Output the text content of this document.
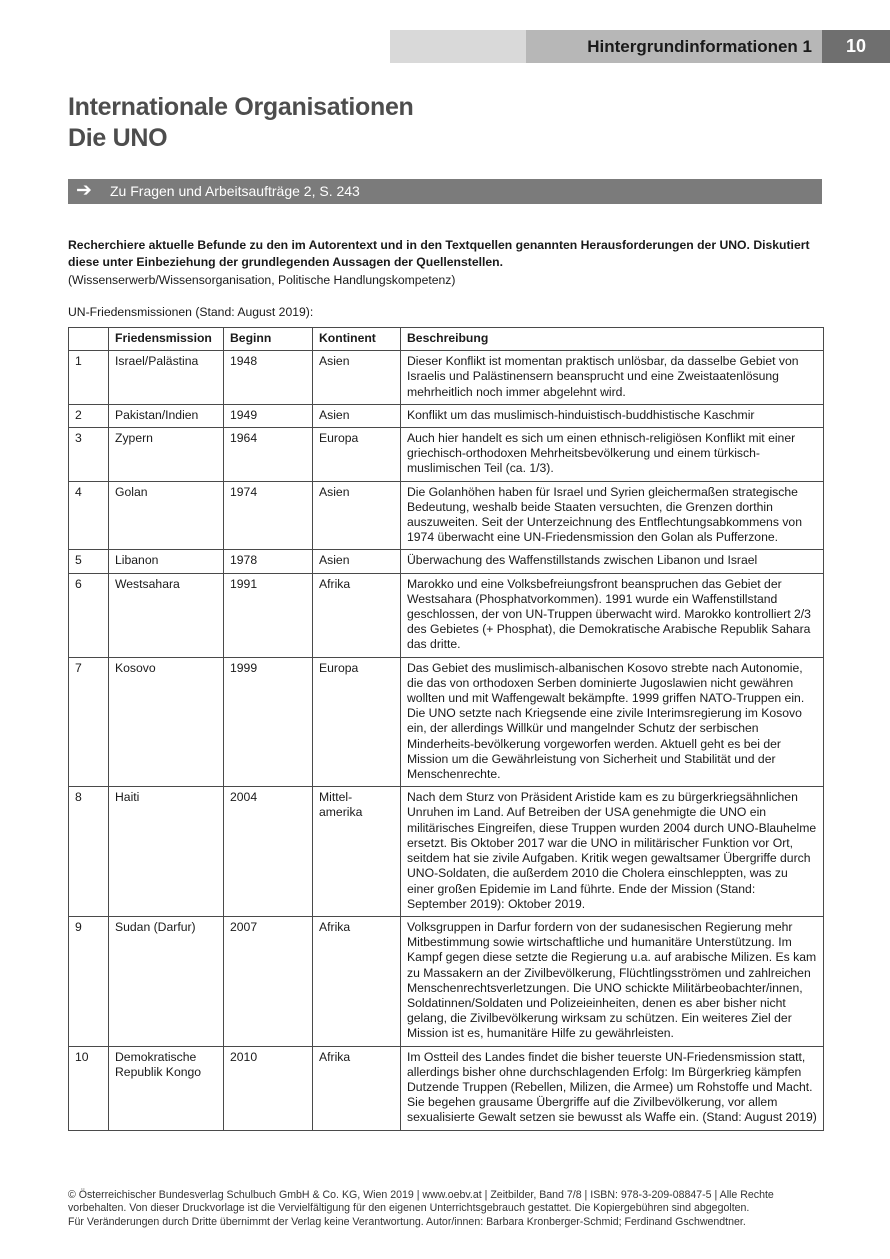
Hintergrundinformationen 1	10
Internationale Organisationen
Die UNO
➔ Zu Fragen und Arbeitsaufträge 2, S. 243

Recherchiere aktuelle Befunde zu den im Autorentext und in den Textquellen genannten Herausforderungen der UNO. Diskutiert diese unter Einbeziehung der grundlegenden Aussagen der Quellenstellen.

(Wissenserwerb/Wissensorganisation, Politische Handlungskompetenz)
UN-Friedensmissionen (Stand: August 2019):
	Friedensmission	Beginn	Kontinent	Beschreibung
1	Israel/Palästina	1948	Asien	Dieser Konflikt ist momentan praktisch unlösbar, da dasselbe Gebiet von Israelis und Palästinensern beansprucht und eine Zweistaatenlösung mehrheitlich noch immer abgelehnt wird.
2	Pakistan/Indien	1949	Asien	Konflikt um das muslimisch-hinduistisch-buddhistische Kaschmir
3	Zypern	1964	Europa	Auch hier handelt es sich um einen ethnisch-religiösen Konflikt mit einer griechisch-orthodoxen Mehrheitsbevölkerung und einem türkisch-muslimischen Teil (ca. 1/3).
4	Golan	1974	Asien	Die Golanhöhen haben für Israel und Syrien gleichermaßen strategische Bedeutung, weshalb beide Staaten versuchten, die Grenzen dorthin auszuweiten. Seit der Unterzeichnung des Entflechtungsabkommens von 1974 überwacht eine UN-Friedensmission den Golan als Pufferzone.
5	Libanon	1978	Asien	Überwachung des Waffenstillstands zwischen Libanon und Israel
6	Westsahara	1991	Afrika	Marokko und eine Volksbefreiungsfront beanspruchen das Gebiet der Westsahara (Phosphatvorkommen). 1991 wurde ein Waffenstillstand geschlossen, der von UN-Truppen überwacht wird. Marokko kontrolliert 2/3 des Gebietes (+ Phosphat), die Demokratische Arabische Republik Sahara das dritte.
7	Kosovo	1999	Europa	Das Gebiet des muslimisch-albanischen Kosovo strebte nach Autonomie, die das von orthodoxen Serben dominierte Jugoslawien nicht gewähren wollten und mit Waffengewalt bekämpfte. 1999 griffen NATO-Truppen ein. Die UNO setzte nach Kriegsende eine zivile Interimsregierung im Kosovo ein, der allerdings Willkür und mangelnder Schutz der serbischen Minderheits-bevölkerung vorgeworfen werden. Aktuell geht es bei der Mission um die Gewährleistung von Sicherheit und Stabilität und der Menschenrechte.
8	Haiti	2004	Mittel-amerika	Nach dem Sturz von Präsident Aristide kam es zu bürgerkriegsähnlichen Unruhen im Land. Auf Betreiben der USA genehmigte die UNO ein militärisches Eingreifen, diese Truppen wurden 2004 durch UNO-Blauhelme ersetzt. Bis Oktober 2017 war die UNO in militärischer Funktion vor Ort, seitdem hat sie zivile Aufgaben. Kritik wegen gewaltsamer Übergriffe durch UNO-Soldaten, die außerdem 2010 die Cholera einschleppten, was zu einer großen Epidemie im Land führte. Ende der Mission (Stand: September 2019): Oktober 2019.
9	Sudan (Darfur)	2007	Afrika	Volksgruppen in Darfur fordern von der sudanesischen Regierung mehr Mitbestimmung sowie wirtschaftliche und humanitäre Unterstützung. Im Kampf gegen diese setzte die Regierung u.a. auf arabische Milizen. Es kam zu Massakern an der Zivilbevölkerung, Flüchtlingsströmen und zahlreichen Menschenrechtsverletzungen. Die UNO schickte Militärbeobachter/innen, Soldatinnen/Soldaten und Polizeieinheiten, denen es aber bisher nicht gelang, die Zivilbevölkerung wirksam zu schützen. Ein weiteres Ziel der Mission ist es, humanitäre Hilfe zu gewährleisten.
10	Demokratische Republik Kongo	2010	Afrika	Im Ostteil des Landes findet die bisher teuerste UN-Friedensmission statt, allerdings bisher ohne durchschlagenden Erfolg: Im Bürgerkrieg kämpfen Dutzende Truppen (Rebellen, Milizen, die Armee) um Rohstoffe und Macht. Sie begehen grausame Übergriffe auf die Zivilbevölkerung, vor allem sexualisierte Gewalt setzen sie bewusst als Waffe ein. (Stand: August 2019)
© Österreichischer Bundesverlag Schulbuch GmbH & Co. KG, Wien 2019 | www.oebv.at | Zeitbilder, Band 7/8 | ISBN: 978-3-209-08847-5 | Alle Rechte
vorbehalten. Von dieser Druckvorlage ist die Vervielfältigung für den eigenen Unterrichtsgebrauch gestattet. Die Kopiergebühren sind abgegolten.
Für Veränderungen durch Dritte übernimmt der Verlag keine Verantwortung. Autor/innen: Barbara Kronberger-Schmid; Ferdinand Gschwendtner.
